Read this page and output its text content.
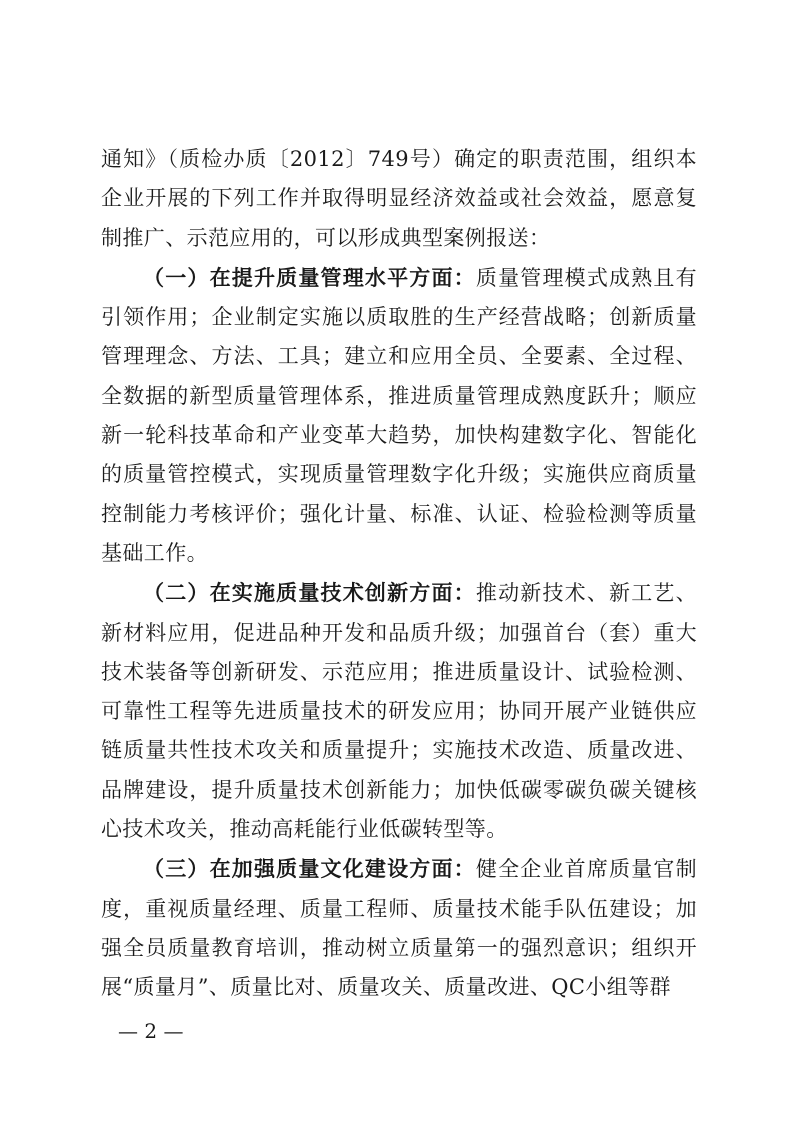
通知》（质检办质〔2012〕749号）确定的职责范围，组织本企业开展的下列工作并取得明显经济效益或社会效益，愿意复制推广、示范应用的，可以形成典型案例报送：

（一）在提升质量管理水平方面：质量管理模式成熟且有引领作用；企业制定实施以质取胜的生产经营战略；创新质量管理理念、方法、工具；建立和应用全员、全要素、全过程、全数据的新型质量管理体系，推进质量管理成熟度跃升；顺应新一轮科技革命和产业变革大趋势，加快构建数字化、智能化的质量管控模式，实现质量管理数字化升级；实施供应商质量控制能力考核评价；强化计量、标准、认证、检验检测等质量基础工作。

（二）在实施质量技术创新方面：推动新技术、新工艺、新材料应用，促进品种开发和品质升级；加强首台（套）重大技术装备等创新研发、示范应用；推进质量设计、试验检测、可靠性工程等先进质量技术的研发应用；协同开展产业链供应链质量共性技术攻关和质量提升；实施技术改造、质量改进、品牌建设，提升质量技术创新能力；加快低碳零碳负碳关键核心技术攻关，推动高耗能行业低碳转型等。

（三）在加强质量文化建设方面：健全企业首席质量官制度，重视质量经理、质量工程师、质量技术能手队伍建设；加强全员质量教育培训，推动树立质量第一的强烈意识；组织开展“质量月”、质量比对、质量攻关、质量改进、QC小组等群

— 2 —
